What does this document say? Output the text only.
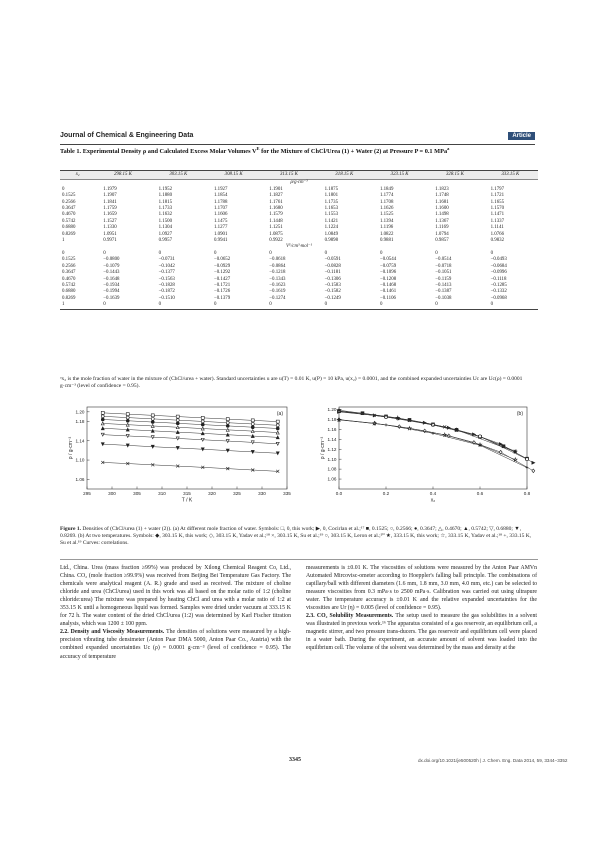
Journal of Chemical & Engineering Data	Article
Table 1. Experimental Density ρ and Calculated Excess Molar Volumes $V^E$ for the Mixture of ChCl/Urea (1) + Water (2) at Pressure P = 0.1 MPa$^a$
x₂	298.15 K	303.15 K	308.15 K	313.15 K	318.15 K	323.15 K	328.15 K	333.15 K
ρ/g·cm⁻³								
0	1.1979	1.1952	1.1927	1.1901	1.1875	1.1849	1.1823	1.1797
0.1525	1.1907	1.1880	1.1854	1.1827	1.1801	1.1774	1.1748	1.1721
0.2566	1.1841	1.1815	1.1788	1.1761	1.1735	1.1708	1.1681	1.1655
0.3647	1.1759	1.1733	1.1707	1.1680	1.1653	1.1626	1.1600	1.1570
0.4670	1.1659	1.1632	1.1606	1.1579	1.1553	1.1525	1.1498	1.1471
0.5742	1.1527	1.1500	1.1475	1.1448	1.1421	1.1394	1.1367	1.1337
0.6880	1.1330	1.1304	1.1277	1.1251	1.1224	1.1196	1.1169	1.1141
0.8269	1.0951	1.0927	1.0901	1.0875	1.0849	1.0822	1.0794	1.0766
1	0.9971	0.9957	0.9941	0.9922	0.9898	0.9881	0.9857	0.9832
Vᴱ/cm³·mol⁻¹								
0	0	0	0	0	0	0	0	0
0.1525	−0.0800	−0.0731	−0.0652	−0.0618	−0.0591	−0.0544	−0.0514	−0.0493
0.2566	−0.1079	−0.1042	−0.0929	−0.0864	−0.0828	−0.0759	−0.0718	−0.0684
0.3647	−0.1443	−0.1377	−0.1292	−0.1218	−0.1181	−0.1096	−0.1051	−0.0996
0.4670	−0.1648	−0.1563	−0.1427	−0.1343	−0.1306	−0.1208	−0.1159	−0.1118
0.5742	−0.1934	−0.1828	−0.1721	−0.1623	−0.1583	−0.1468	−0.1413	−0.1285
0.6880	−0.1994	−0.1872	−0.1726	−0.1619	−0.1582	−0.1461	−0.1387	−0.1332
0.8269	−0.1639	−0.1510	−0.1379	−0.1274	−0.1249	−0.1106	−0.1038	−0.0968
1	0	0	0	0	0	0	0	0
ᵃx₂ is the mole fraction of water in the mixture of (ChCl/urea + water). Standard uncertainties u are u(T) = 0.01 K, u(P) = 10 kPa, u(x₂) = 0.0001, and the combined expanded uncertainties Uc are Uc(ρ) = 0.0001 g·cm⁻³ (level of confidence = 0.95).
1.06
1.10
1.14
1.18
1.20
295	300	305	310	315	320	325	330	335
T / K
ρ / g·cm⁻³
(a)
1.06
1.08
1.10
1.12
1.14
1.16
1.18
1.20
0.0	0.2	0.4	0.6	0.8
x₂
ρ / g·cm⁻³
(b)
Figure 1. Densities of (ChCl/urea (1) + water (2)). (a) At different mole fraction of water. Symbols: □, 0, this work; ▶, 0, Cocirlan et al.;¹⁷ ■, 0.1525; ○, 0.2566; ●, 0.3647; △, 0.4670; ▲, 0.5742; ▽, 0.6880; ▼, 0.8269. (b) At two temperatures. Symbols: ◆, 303.15 K, this work; ◇, 303.15 K, Yadav et al.;¹⁸ ×, 303.15 K, Su et al.;¹⁹ ○, 303.15 K, Leron et al.;²⁰ ★, 333.15 K, this work; ☆, 333.15 K, Yadav et al.;¹⁸ +, 333.15 K, Su et al.¹⁹ Curves: correlations.

Ltd., China. Urea (mass fraction ≥99%) was produced by Xilong Chemical Reagent Co, Ltd., China. CO₂ (mole fraction ≥99.9%) was received from Beijing Bei Temperature Gas Factory. The chemicals were analytical reagent (A. R.) grade and used as received. The mixture of choline chloride and urea (ChCl/urea) used in this work was all based on the molar ratio of 1:2 (choline chloride:urea) The mixture was prepared by heating ChCl and urea with a molar ratio of 1:2 at 353.15 K until a homogeneous liquid was formed. Samples were dried under vacuum at 333.15 K for 72 h. The water content of the dried ChCl/urea (1:2) was determined by Karl Fischer titration analysis, which was 1200 ± 100 ppm.

2.2. Density and Viscosity Measurements. The densities of solutions were measured by a high-precision vibrating tube densimeter (Anton Paar DMA 5000, Anton Paar Co., Austria) with the combined expanded uncertainties Uc (ρ) = 0.0001 g·cm⁻³ (level of confidence = 0.95). The accuracy of temperature

measurements is ±0.01 K. The viscosities of solutions were measured by the Anton Paar AMVn Automated Mircovisc-ometer according to Hoeppler's falling ball principle. The combinations of capillary/ball with different diameters (1.6 mm, 1.8 mm, 3.0 mm, 4.0 mm, etc.) can be selected to measure viscosities from 0.3 mPa·s to 2500 mPa·s. Calibration was carried out using ultrapure water. The temperature accuracy is ±0.01 K and the relative expanded uncertainties for the viscosities are Ur (η) = 0.005 (level of confidence = 0.95).

2.3. CO₂ Solubility Measurements. The setup used to measure the gas solubilities in a solvent was illustrated in previous work.¹⁶ The apparatus consisted of a gas reservoir, an equilibrium cell, a magnetic stirrer, and two pressure trans-ducers. The gas reservoir and equilibrium cell were placed in a water bath. During the experiment, an accurate amount of solvent was loaded into the equilibrium cell. The volume of the solvent was determined by the mass and density at the

3345	dx.doi.org/10.1021/je500520h | J. Chem. Eng. Data 2014, 59, 3344−3352
